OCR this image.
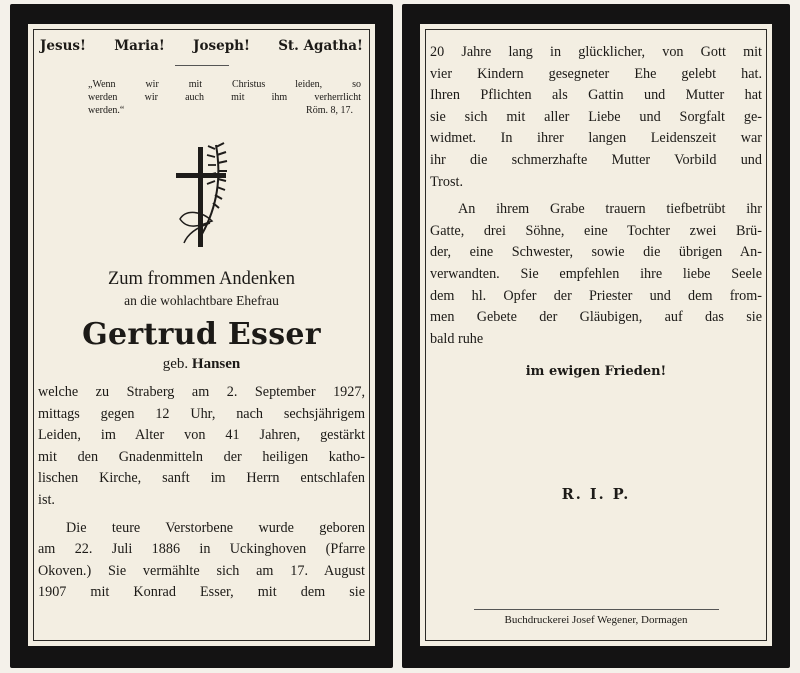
Jesus! Maria! Joseph! St. Agatha!
„Wenn wir mit Christus leiden, so
werden wir auch mit ihm verherrlicht
werden.“	Röm. 8, 17.
Zum frommen Andenken
an die wohlachtbare Ehefrau
Gertrud Esser
geb. Hansen

welche zu Straberg am 2. September 1927,
mittags gegen 12 Uhr, nach sechsjährigem
Leiden, im Alter von 41 Jahren, gestärkt
mit den Gnadenmitteln der heiligen katho-
lischen Kirche, sanft im Herrn entschlafen
ist.

Die teure Verstorbene wurde geboren
am 22. Juli 1886 in Uckinghoven (Pfarre
Okoven.) Sie vermählte sich am 17. August
1907 mit Konrad Esser, mit dem sie

20 Jahre lang in glücklicher, von Gott mit
vier Kindern gesegneter Ehe gelebt hat.
Ihren Pflichten als Gattin und Mutter hat
sie sich mit aller Liebe und Sorgfalt ge-
widmet. In ihrer langen Leidenszeit war
ihr die schmerzhafte Mutter Vorbild und
Trost.

An ihrem Grabe trauern tiefbetrübt ihr
Gatte, drei Söhne, eine Tochter zwei Brü-
der, eine Schwester, sowie die übrigen An-
verwandten. Sie empfehlen ihre liebe Seele
dem hl. Opfer der Priester und dem from-
men Gebete der Gläubigen, auf das sie
bald ruhe

im ewigen Frieden!
R. I. P.
Buchdruckerei Josef Wegener, Dormagen
